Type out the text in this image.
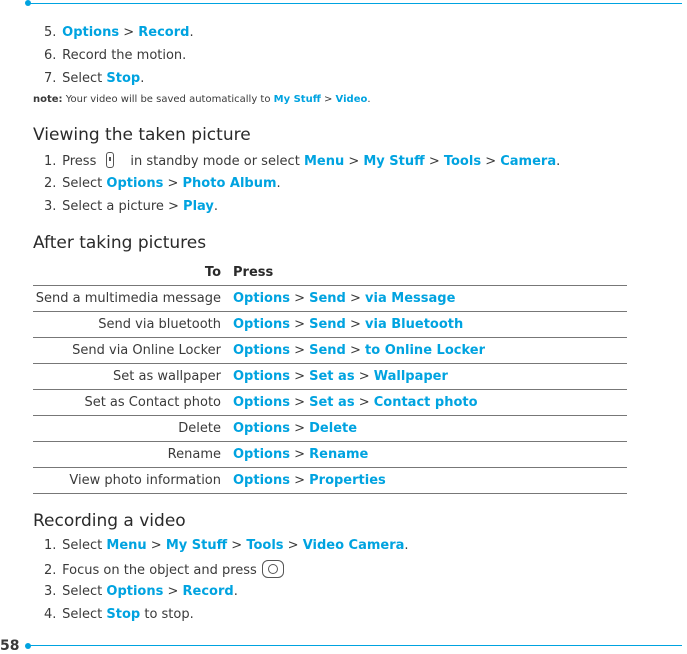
5. Options > Record.
6. Record the motion.
7. Select Stop.
note: Your video will be saved automatically to My Stuff > Video.
Viewing the taken picture
1. Press	in standby mode or select Menu > My Stuff > Tools > Camera.
2. Select Options > Photo Album.
3. Select a picture > Play.
After taking pictures
To	Press
Send a multimedia message	Options > Send > via Message
Send via bluetooth	Options > Send > via Bluetooth
Send via Online Locker	Options > Send > to Online Locker
Set as wallpaper	Options > Set as > Wallpaper
Set as Contact photo	Options > Set as > Contact photo
Delete	Options > Delete
Rename	Options > Rename
View photo information	Options > Properties
Recording a video
1. Select Menu > My Stuff > Tools > Video Camera.
2. Focus on the object and press
3. Select Options > Record.
4. Select Stop to stop.
58
